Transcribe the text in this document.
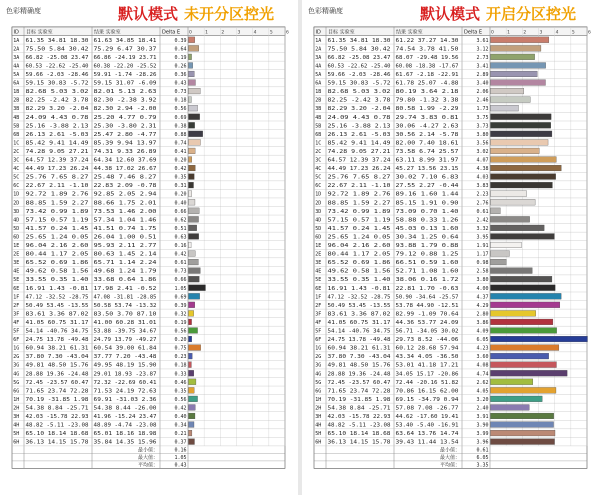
色彩精确度	默认模式 未开分区控光
ID 目标 实验室	结果 实验室	Delta E 0	1	2	3	4	5	6
1A 61.35 34.81 18.30 61.63 34.85 18.41	0.39
2A 75.50 5.84 30.42 75.29 6.47 30.37	0.64
3A 66.82 -25.08 23.47 66.86 -24.19 23.71	0.19
4A 60.53 -22.62 -25.40 60.38 -22.20 -25.52	0.26
5A 59.66 -2.03 -28.46 59.91 -1.74 -28.26	0.36
6A 59.15 30.83 -5.72 59.15 31.07 -6.09	0.43
1B 82.68 5.03 3.02 82.01 5.13 2.63	0.73
2B 82.25 -2.42 3.78 82.30 -2.38 3.92	0.18
3B 82.29 3.20 -2.04 82.30 2.94 -2.00	0.56
4B 24.09 4.43 0.78 25.20 4.77 0.79	0.69
5B 25.16 -3.88 2.13 25.30 -3.80 2.31	0.38
6B 26.13 2.61 -5.03 25.47 2.80 -4.77	0.88
1C 85.42 9.41 14.49 85.39 9.94 13.97	0.74
2C 74.28 9.05 27.21 74.31 9.33 26.89	0.41
3C 64.57 12.39 37.24 64.34 12.60 37.69	0.20
4C 44.49 17.23 26.24 44.38 17.02 26.67	0.42
5C 25.76 7.65 8.27 25.48 7.46 8.27	0.35
6C 22.67 2.11 -1.10 22.83 2.09 -0.78	0.31
1D 92.72 1.89 2.76 92.85 2.05 2.94	0.20
2D 88.85 1.59 2.27 88.66 1.75 2.01	0.40
3D 73.42 0.99 1.89 73.53 1.46 2.00	0.66
4D 57.15 0.57 1.19 57.34 1.04 1.46	0.62
5D 41.57 0.24 1.45 41.51 0.74 1.75	0.51
6D 25.65 1.24 0.05 26.04 1.00 0.51	0.63
1E 96.04 2.16 2.60 95.93 2.11 2.77	0.16
2E 80.44 1.17 2.05 80.63 1.45 2.14	0.42
3E 65.52 0.69 1.86 65.71 1.14 2.24	0.61
4E 49.62 0.58 1.56 49.68 1.24 1.79	0.73
5E 33.55 0.35 1.40 33.68 0.64 1.86	0.66
6E 16.91 1.43 -0.81 17.98 2.41 -0.52	1.05
1F 47.12 -32.52 -28.75 47.08 -31.81 -28.85	0.69
2F 50.49 53.45 -13.55 50.58 53.74 -13.32	0.39
3F 83.61 3.36 87.02 83.50 3.70 87.10	0.32
4F 41.05 60.75 31.17 41.00 60.28 31.01	0.19
5F 54.14 -40.76 34.75 53.88 -39.75 34.67	0.56
6F 24.75 13.78 -49.48 24.79 13.79 -49.27	0.20
1G 60.94 38.21 61.31 60.54 39.00 61.84	0.75
2G 37.80 7.30 -43.04 37.77 7.20 -43.48	0.23
3G 49.81 48.50 15.76 49.95 48.19 15.90	0.18
4G 28.88 19.36 -24.48 29.01 18.93 -23.87	0.33
5G 72.45 -23.57 60.47 72.32 -22.69 60.41	0.46
6G 71.65 23.74 72.28 71.53 24.19 72.63	0.35
1H 70.19 -31.85 1.98 69.91 -31.03 2.36	0.56
2H 54.38 8.84 -25.71 54.38 8.44 -26.00	0.42
3H 42.03 -15.78 22.93 41.96 -15.24 23.47	0.40
4H 48.82 -5.11 -23.08 48.89 -4.74 -23.08	0.34
5H 65.10 18.14 18.68 65.01 18.16 18.98	0.21
6H 36.13 14.15 15.78 35.84 14.35 15.96	0.37
最小值：	0.16
最大值：	1.05
平均值：	0.43
色彩精确度	默认模式 开启分区控光
ID 目标 实验室	结果 实验室	Delta E 0	1	2	3	4	5	6
1A 61.35 34.81 18.30 61.22 37.27 14.30	3.61
2A 75.50 5.84 30.42 74.54 3.78 41.50	3.12
3A 66.82 -25.08 23.47 68.07 -29.48 19.56	2.73
4A 60.53 -22.62 -25.40 60.08 -18.38 -17.67	3.41
5A 59.66 -2.03 -28.46 61.67 -2.18 -22.91	2.89
6A 59.15 30.83 -5.72 61.78 25.07 -4.88	3.40
1B 82.68 5.03 3.02 80.19 3.64 2.18	2.06
2B 82.25 -2.42 3.78 79.80 -1.32 3.38	2.46
3B 82.29 3.20 -2.04 80.58 1.99 -2.29	1.73
4B 24.09 4.43 0.78 29.74 3.83 0.81	3.75
5B 25.16 -3.88 2.13 30.06 -4.27 2.63	3.73
6B 26.13 2.61 -5.03 30.56 2.14 -5.78	3.80
1C 85.42 9.41 14.49 82.00 7.40 18.61	3.56
2C 74.28 9.05 27.21 73.58 6.74 25.57	3.02
3C 64.57 12.39 37.24 63.11 8.99 31.97	4.07
4C 44.49 17.23 26.24 45.27 13.56 23.15	4.38
5C 25.76 7.65 8.27 30.02 7.10 6.83	4.03
6C 22.67 2.11 -1.10 27.55 2.27 -0.44	3.83
1D 92.72 1.89 2.76 89.16 1.60 1.44	2.23
2D 88.85 1.59 2.27 85.15 1.91 0.90	2.76
3D 73.42 0.99 1.89 73.09 0.70 1.40	0.61
4D 57.15 0.57 1.19 58.88 0.33 1.26	2.42
5D 41.57 0.24 1.45 45.03 0.13 1.60	3.32
6D 25.65 1.24 0.05 30.34 1.25 0.64	3.95
1E 96.04 2.16 2.60 93.88 1.79 0.88	1.91
2E 80.44 1.17 2.05 79.12 0.88 1.25	1.17
3E 65.52 0.69 1.86 66.51 0.59 1.60	0.98
4E 49.62 0.58 1.56 52.71 1.08 1.60	2.58
5E 33.55 0.35 1.40 38.06 0.16 1.72	3.80
6E 16.91 1.43 -0.81 22.81 1.70 -0.63	4.00
1F 47.12 -32.52 -28.75 50.90 -34.64 -25.57	4.37
2F 50.49 53.45 -13.55 53.78 44.90 -12.51	4.29
3F 83.61 3.36 87.02 82.99 -1.09 70.64	2.80
4F 41.05 60.75 31.17 44.36 53.77 24.09	3.86
5F 54.14 -40.76 34.75 56.71 -34.05 30.02	4.09
6F 24.75 13.78 -49.48 29.73 8.52 -44.06	6.05
1G 60.94 38.21 61.31 60.12 28.68 57.94	4.23
2G 37.80 7.30 -43.04 43.34 4.05 -36.50	3.60
3G 49.81 48.50 15.76 53.01 41.18 17.21	4.08
4G 28.88 19.36 -24.48 34.05 15.17 -20.86	4.74
5G 72.45 -23.57 60.47 72.44 -20.16 51.82	2.62
6G 71.65 23.74 72.28 70.86 16.15 62.00	4.05
1H 70.19 -31.85 1.98 69.15 -34.79 0.94	3.20
2H 54.38 8.84 -25.71 57.08 7.08 -26.77	2.40
3H 42.03 -15.78 22.93 44.62 -17.60 19.41	3.91
4H 48.82 -5.11 -23.08 53.40 -5.40 -16.91	3.90
5H 65.10 18.14 18.68 63.64 13.76 14.74	3.99
6H 36.13 14.15 15.78 39.43 11.44 13.54	3.96
最小值：	0.61
最大值：	6.05
平均值：	3.35
